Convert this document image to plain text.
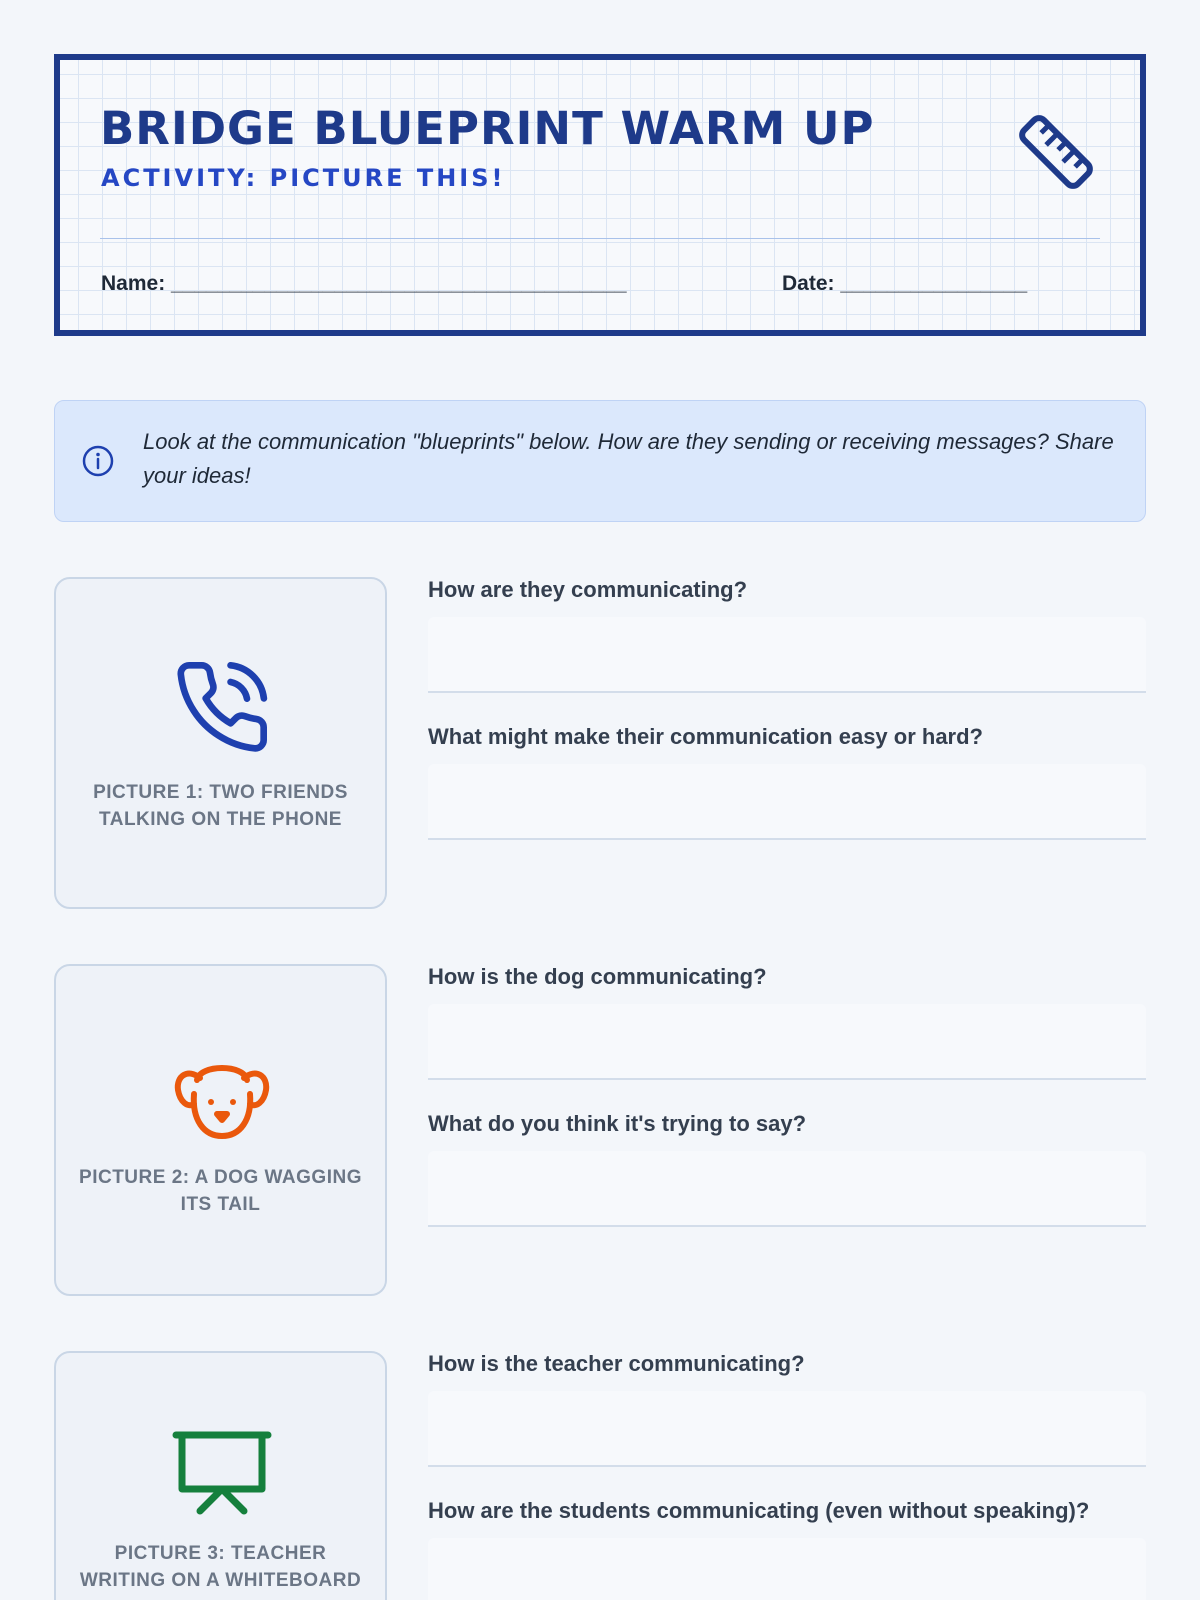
BRIDGE BLUEPRINT WARM UP
ACTIVITY: PICTURE THIS!
Name: _______________________________________	Date: ________________
Look at the communication "blueprints" below. How are they sending or receiving messages? Share your ideas!
PICTURE 1: TWO FRIENDS TALKING ON THE PHONE
How are they communicating?
What might make their communication easy or hard?
PICTURE 2: A DOG WAGGING ITS TAIL
How is the dog communicating?
What do you think it's trying to say?
PICTURE 3: TEACHER WRITING ON A WHITEBOARD
How is the teacher communicating?
How are the students communicating (even without speaking)?
